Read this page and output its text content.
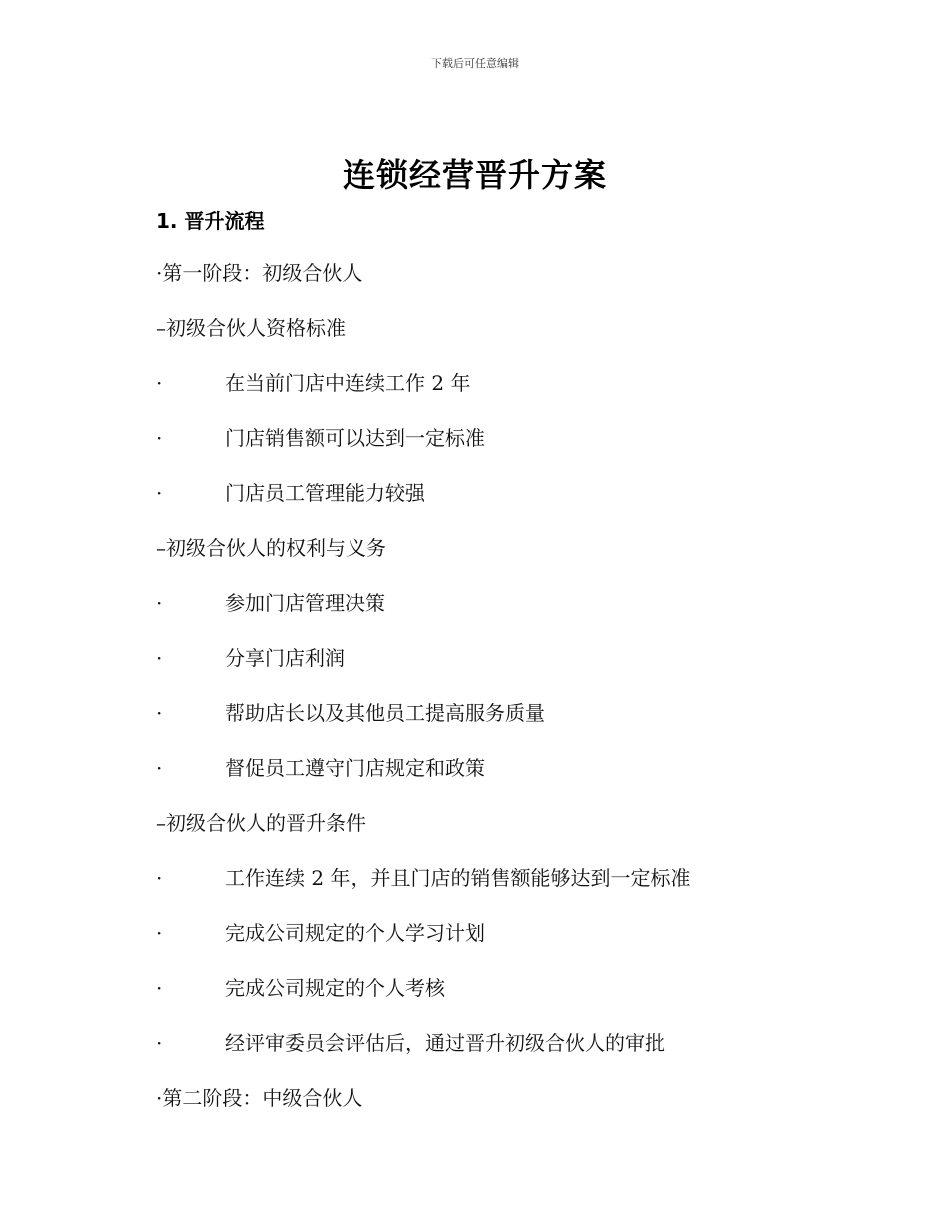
下载后可任意编辑
连锁经营晋升方案
1. 晋升流程
·第一阶段：初级合伙人
–初级合伙人资格标准
·	在当前门店中连续工作 2 年
·	门店销售额可以达到一定标准
·	门店员工管理能力较强
–初级合伙人的权利与义务
·	参加门店管理决策
·	分享门店利润
·	帮助店长以及其他员工提高服务质量
·	督促员工遵守门店规定和政策
–初级合伙人的晋升条件
·	工作连续 2 年，并且门店的销售额能够达到一定标准
·	完成公司规定的个人学习计划
·	完成公司规定的个人考核
·	经评审委员会评估后，通过晋升初级合伙人的审批
·第二阶段：中级合伙人
